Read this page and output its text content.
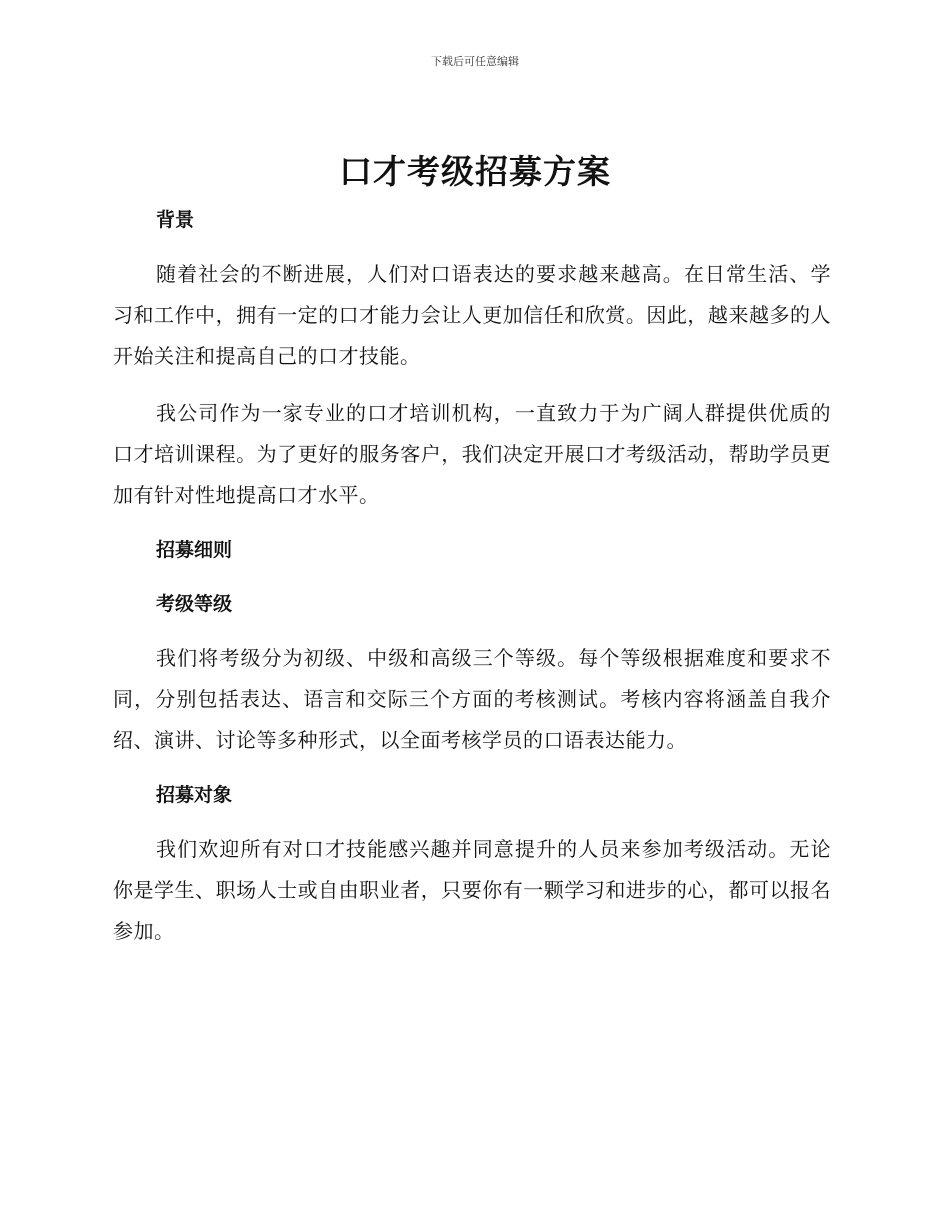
下载后可任意编辑
口才考级招募方案
背景

随着社会的不断进展，人们对口语表达的要求越来越高。在日常生活、学习和工作中，拥有一定的口才能力会让人更加信任和欣赏。因此，越来越多的人开始关注和提高自己的口才技能。

我公司作为一家专业的口才培训机构，一直致力于为广阔人群提供优质的口才培训课程。为了更好的服务客户，我们决定开展口才考级活动，帮助学员更加有针对性地提高口才水平。

招募细则
考级等级

我们将考级分为初级、中级和高级三个等级。每个等级根据难度和要求不同，分别包括表达、语言和交际三个方面的考核测试。考核内容将涵盖自我介绍、演讲、讨论等多种形式，以全面考核学员的口语表达能力。

招募对象

我们欢迎所有对口才技能感兴趣并同意提升的人员来参加考级活动。无论你是学生、职场人士或自由职业者，只要你有一颗学习和进步的心，都可以报名参加。
